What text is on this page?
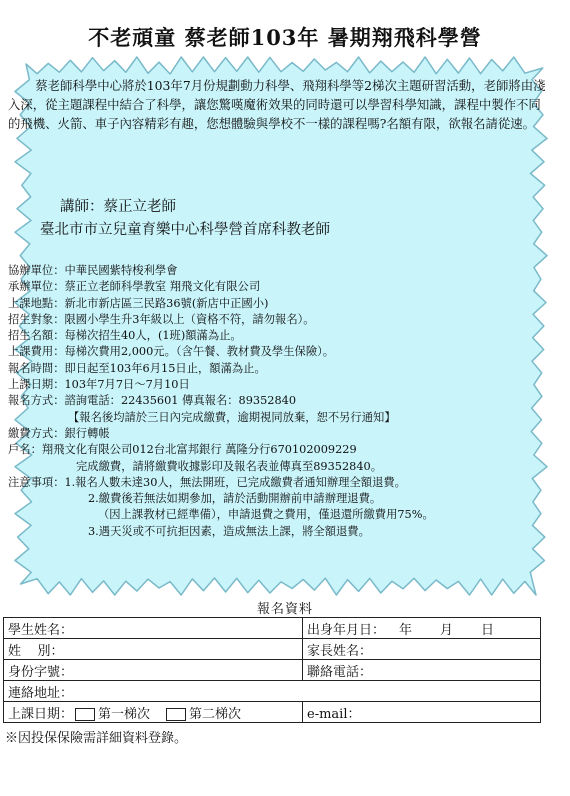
不老頑童 蔡老師103年 暑期翔飛科學營

蔡老師科學中心將於103年7月份規劃動力科學、飛翔科學等2梯次主題研習活動，老師將由淺入深，從主題課程中結合了科學，讓您驚嘆魔術效果的同時還可以學習科學知識，課程中製作不同的飛機、火箭、車子內容精彩有趣，您想體驗與學校不一樣的課程嗎?名額有限，欲報名請從速。

講師：蔡正立老師
臺北市市立兒童育樂中心科學營首席科教老師
協辦單位：中華民國紫特梭利學會
承辦單位：蔡正立老師科學教室 翔飛文化有限公司
上課地點：新北市新店區三民路36號(新店中正國小)
招生對象：限國小學生升3年級以上（資格不符，請勿報名）。
招生名額：每梯次招生40人，(1班)額滿為止。
上課費用：每梯次費用2,000元。（含午餐、教材費及學生保險）。
報名時間：即日起至103年6月15日止，額滿為止。
上課日期：103年7月7日～7月10日
報名方式：諮詢電話：22435601 傳真報名：89352840
【報名後均請於三日內完成繳費，逾期視同放棄，恕不另行通知】
繳費方式：銀行轉帳
戶名：翔飛文化有限公司012台北富邦銀行 萬隆分行670102009229
完成繳費，請將繳費收據影印及報名表並傳真至89352840。
注意事項：1.報名人數未達30人，無法開班，已完成繳費者通知辦理全額退費。
2.繳費後若無法如期參加，請於活動開辦前申請辦理退費。
（因上課教材已經準備），申請退費之費用，僅退還所繳費用75%。
3.遇天災或不可抗拒因素，造成無法上課，將全額退費。
報名資料
學生姓名：	出身年月日： 年 月 日
姓    別：	家長姓名：
身份字號：	聯絡電話：
連絡地址：	
上課日期： 第一梯次 第二梯次	e-mail：
※因投保保險需詳細資料登錄。
